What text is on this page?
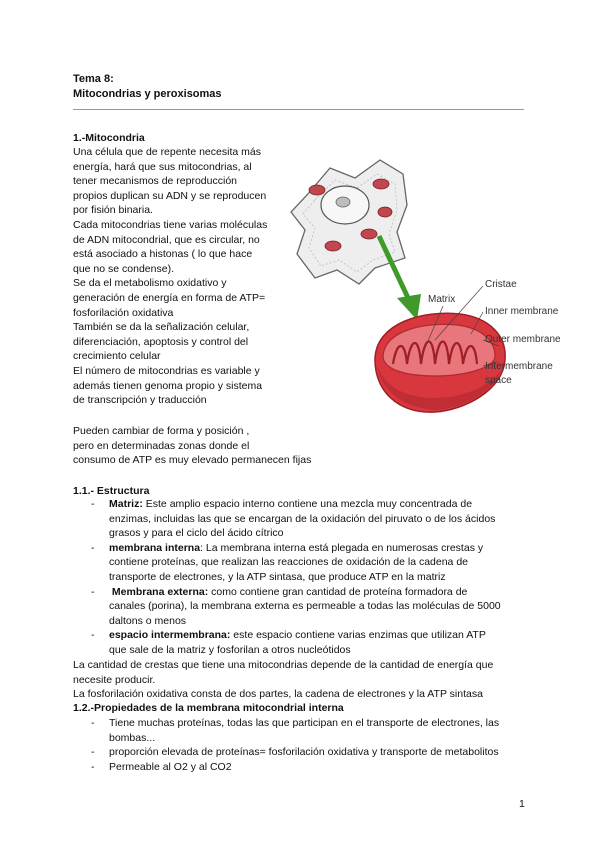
Tema 8:
Mitocondrias y peroxisomas
1.-Mitocondria
Una célula que de repente necesita más
energía, hará que sus mitocondrias, al
tener mecanismos de reproducción
propios duplican su ADN y se reproducen
por fisión binaria.
Cada mitocondrias tiene varias moléculas
de ADN mitocondrial, que es circular, no
está asociado a histonas ( lo que hace
que no se condense).
Se da el metabolismo oxidativo y
generación de energía en forma de ATP=
fosforilación oxidativa
También se da la señalización celular,
diferenciación, apoptosis y control del
crecimiento celular
El número de mitocondrias es variable y
además tienen genoma propio y sistema
de transcripción y traducción
Pueden cambiar de forma y posición ,
pero en determinadas zonas donde el
consumo de ATP es muy elevado permanecen fijas
Cristae
Matrix
Inner membrane
Outer membrane
Intermembrane
space
1.1.- Estructura
- Matriz: Este amplio espacio interno contiene una mezcla muy concentrada de
enzimas, incluidas las que se encargan de la oxidación del piruvato o de los ácidos
grasos y para el ciclo del ácido cítrico
- membrana interna: La membrana interna está plegada en numerosas crestas y
contiene proteínas, que realizan las reacciones de oxidación de la cadena de
transporte de electrones, y la ATP sintasa, que produce ATP en la matriz
- Membrana externa: como contiene gran cantidad de proteína formadora de
canales (porina), la membrana externa es permeable a todas las moléculas de 5000
daltons o menos
- espacio intermembrana: este espacio contiene varias enzimas que utilizan ATP
que sale de la matriz y fosforilan a otros nucleótidos
La cantidad de crestas que tiene una mitocondrias depende de la cantidad de energía que
necesite producir.
La fosforilación oxidativa consta de dos partes, la cadena de electrones y la ATP sintasa
1.2.-Propiedades de la membrana mitocondrial interna
- Tiene muchas proteínas, todas las que participan en el transporte de electrones, las
bombas...
- proporción elevada de proteínas= fosforilación oxidativa y transporte de metabolitos
- Permeable al O2 y al CO2
1
